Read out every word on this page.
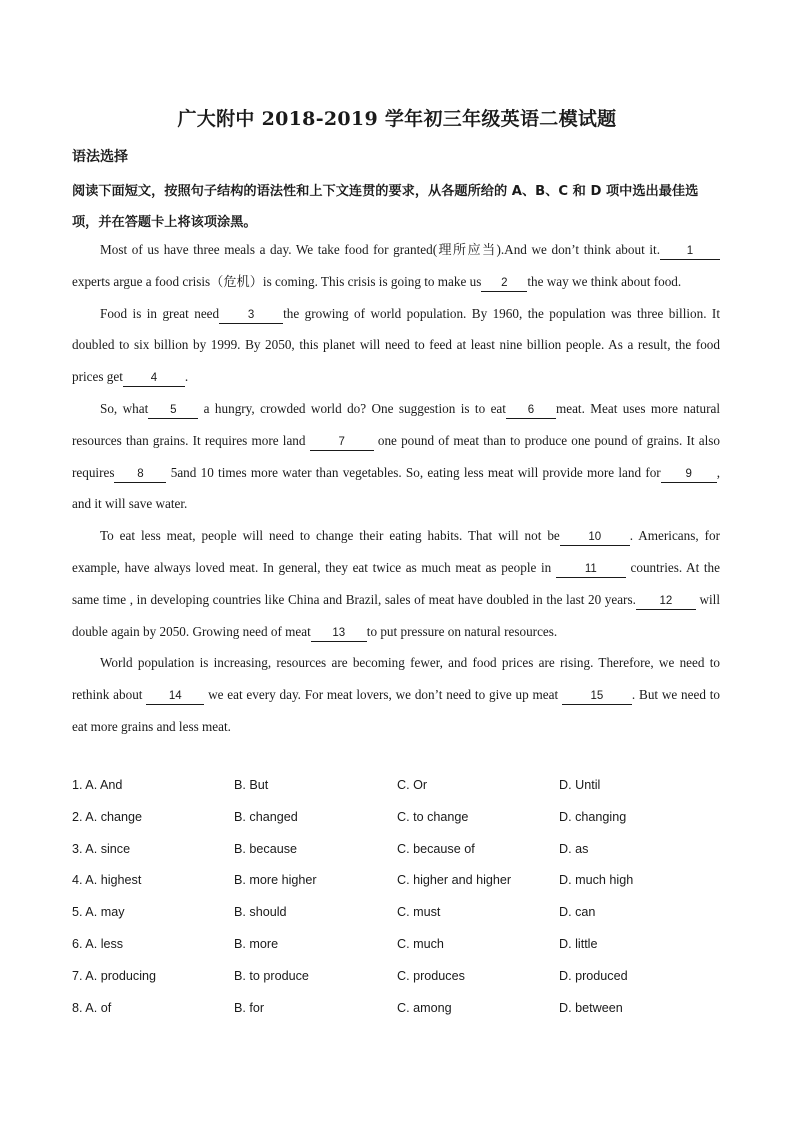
广大附中 2018-2019 学年初三年级英语二模试题
语法选择
阅读下面短文，按照句子结构的语法性和上下文连贯的要求，从各题所给的 A、B、C 和 D 项中选出最佳选项，并在答题卡上将该项涂黑。

Most of us have three meals a day. We take food for granted(理所应当).And we don’t think about it. 1 experts argue a food crisis（危机）is coming. This crisis is going to make us 2 the way we think about food.

Food is in great need	3 the growing of world population. By 1960, the population was three billion. It doubled to six billion by 1999. By 2050, this planet will need to feed at least nine billion people. As a result, the food prices get 4 .

So, what 5 a hungry, crowded world do? One suggestion is to eat 6 meat. Meat uses more natural resources than grains. It requires more land	7 one pound of meat than to produce one pound of grains. It also requires 8 5and 10 times more water than vegetables. So, eating less meat will provide more land for 9 , and it will save water.

To eat less meat, people will need to change their eating habits. That will not be 10 . Americans, for example, have always loved meat. In general, they eat twice as much meat as people in	11 countries. At the same time , in developing countries like China and Brazil, sales of meat have doubled in the last 20 years. 12 will double again by 2050. Growing need of meat 13 to put pressure on natural resources.

World population is increasing, resources are becoming fewer, and food prices are rising. Therefore, we need to rethink about 14 we eat every day. For meat lovers, we don’t need to give up meat 15 . But we need to eat more grains and less meat.

1. A. And	B. But	C. Or	D. Until
2. A. change	B. changed	C. to change	D. changing
3. A. since	B. because	C. because of	D. as
4. A. highest	B. more higher	C. higher and higher	D. much high
5. A. may	B. should	C. must	D. can
6. A. less	B. more	C. much	D. little
7. A. producing	B. to produce	C. produces	D. produced
8. A. of	B. for	C. among	D. between
